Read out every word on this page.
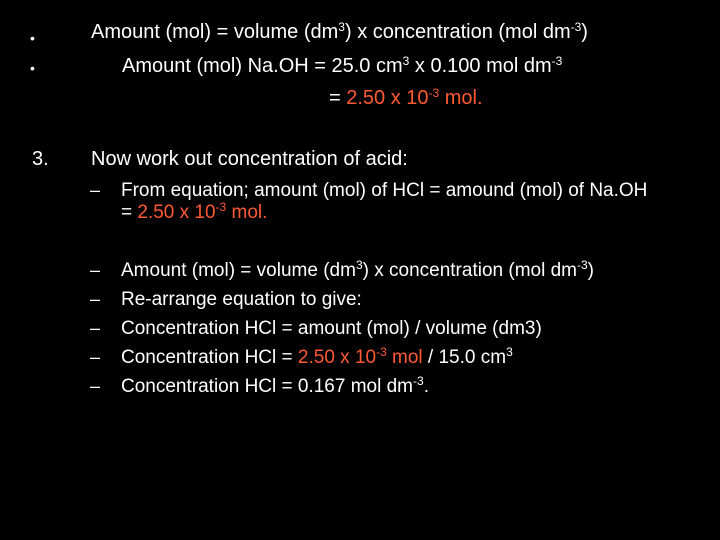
•
•
Amount (mol) = volume $(dm^3)$ x concentration (mol $dm^{-3}$)
Amount (mol) Na.OH = 25.0 $cm^3$ x 0.100 mol $dm^{-3}$
= 2.50 x $10^{-3}$ mol.
3. Now work out concentration of acid:
– From equation; amount (mol) of HCl = amound (mol) of Na.OH
= 2.50 x $10^{-3}$ mol.
– Amount (mol) = volume $(dm^3)$ x concentration (mol $dm^{-3}$)
– Re-arrange equation to give:
– Concentration HCl = amount (mol) / volume (dm3)
– Concentration HCl = 2.50 x $10^{-3}$ mol / 15.0 $cm^3$
– Concentration HCl = 0.167 mol $dm^{-3}$.
